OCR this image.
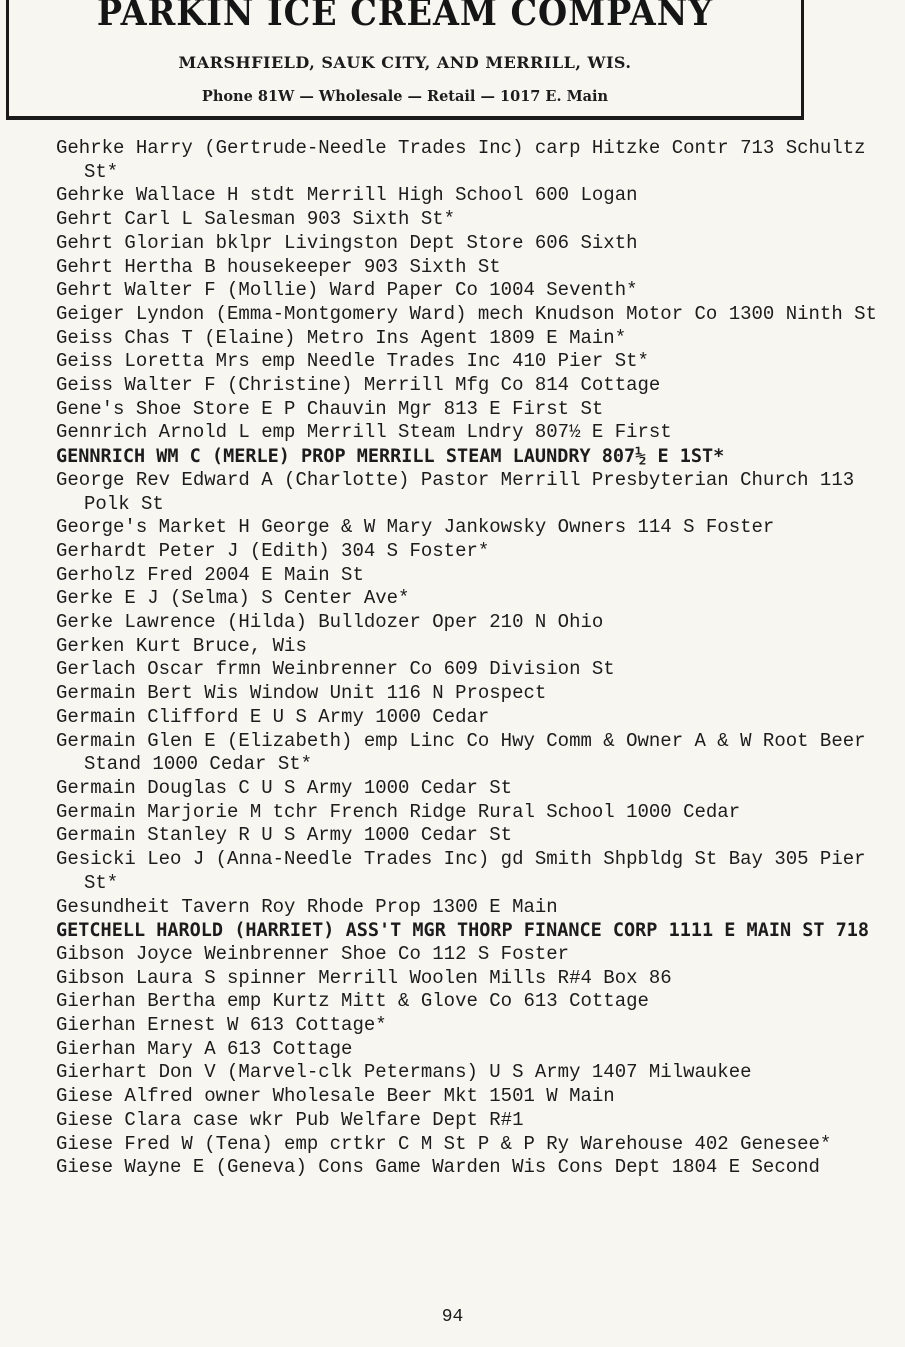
PARKIN ICE CREAM COMPANY
MARSHFIELD, SAUK CITY, AND MERRILL, WIS.
Phone 81W — Wholesale — Retail — 1017 E. Main
Gehrke Harry (Gertrude-Needle Trades Inc) carp Hitzke Contr 713 Schultz St*
Gehrke Wallace H stdt Merrill High School 600 Logan
Gehrt Carl L Salesman 903 Sixth St*
Gehrt Glorian bklpr Livingston Dept Store 606 Sixth
Gehrt Hertha B housekeeper 903 Sixth St
Gehrt Walter F (Mollie) Ward Paper Co 1004 Seventh*
Geiger Lyndon (Emma-Montgomery Ward) mech Knudson Motor Co 1300 Ninth St
Geiss Chas T (Elaine) Metro Ins Agent 1809 E Main*
Geiss Loretta Mrs emp Needle Trades Inc 410 Pier St*
Geiss Walter F (Christine) Merrill Mfg Co 814 Cottage
Gene's Shoe Store E P Chauvin Mgr 813 E First St
Gennrich Arnold L emp Merrill Steam Lndry 807½ E First
GENNRICH WM C (MERLE) PROP MERRILL STEAM LAUNDRY 807½ E 1ST*
George Rev Edward A (Charlotte) Pastor Merrill Presbyterian Church 113 Polk St
George's Market H George & W Mary Jankowsky Owners 114 S Foster
Gerhardt Peter J (Edith) 304 S Foster*
Gerholz Fred 2004 E Main St
Gerke E J (Selma) S Center Ave*
Gerke Lawrence (Hilda) Bulldozer Oper 210 N Ohio
Gerken Kurt Bruce, Wis
Gerlach Oscar frmn Weinbrenner Co 609 Division St
Germain Bert Wis Window Unit 116 N Prospect
Germain Clifford E U S Army 1000 Cedar
Germain Glen E (Elizabeth) emp Linc Co Hwy Comm & Owner A & W Root Beer Stand 1000 Cedar St*
Germain Douglas C U S Army 1000 Cedar St
Germain Marjorie M tchr French Ridge Rural School 1000 Cedar
Germain Stanley R U S Army 1000 Cedar St
Gesicki Leo J (Anna-Needle Trades Inc) gd Smith Shpbldg St Bay 305 Pier St*
Gesundheit Tavern Roy Rhode Prop 1300 E Main
GETCHELL HAROLD (HARRIET) ASS'T MGR THORP FINANCE CORP 1111 E MAIN ST 718
Gibson Joyce Weinbrenner Shoe Co 112 S Foster
Gibson Laura S spinner Merrill Woolen Mills R#4 Box 86
Gierhan Bertha emp Kurtz Mitt & Glove Co 613 Cottage
Gierhan Ernest W 613 Cottage*
Gierhan Mary A 613 Cottage
Gierhart Don V (Marvel-clk Petermans) U S Army 1407 Milwaukee
Giese Alfred owner Wholesale Beer Mkt 1501 W Main
Giese Clara case wkr Pub Welfare Dept R#1
Giese Fred W (Tena) emp crtkr C M St P & P Ry Warehouse 402 Genesee*
Giese Wayne E (Geneva) Cons Game Warden Wis Cons Dept 1804 E Second
94
